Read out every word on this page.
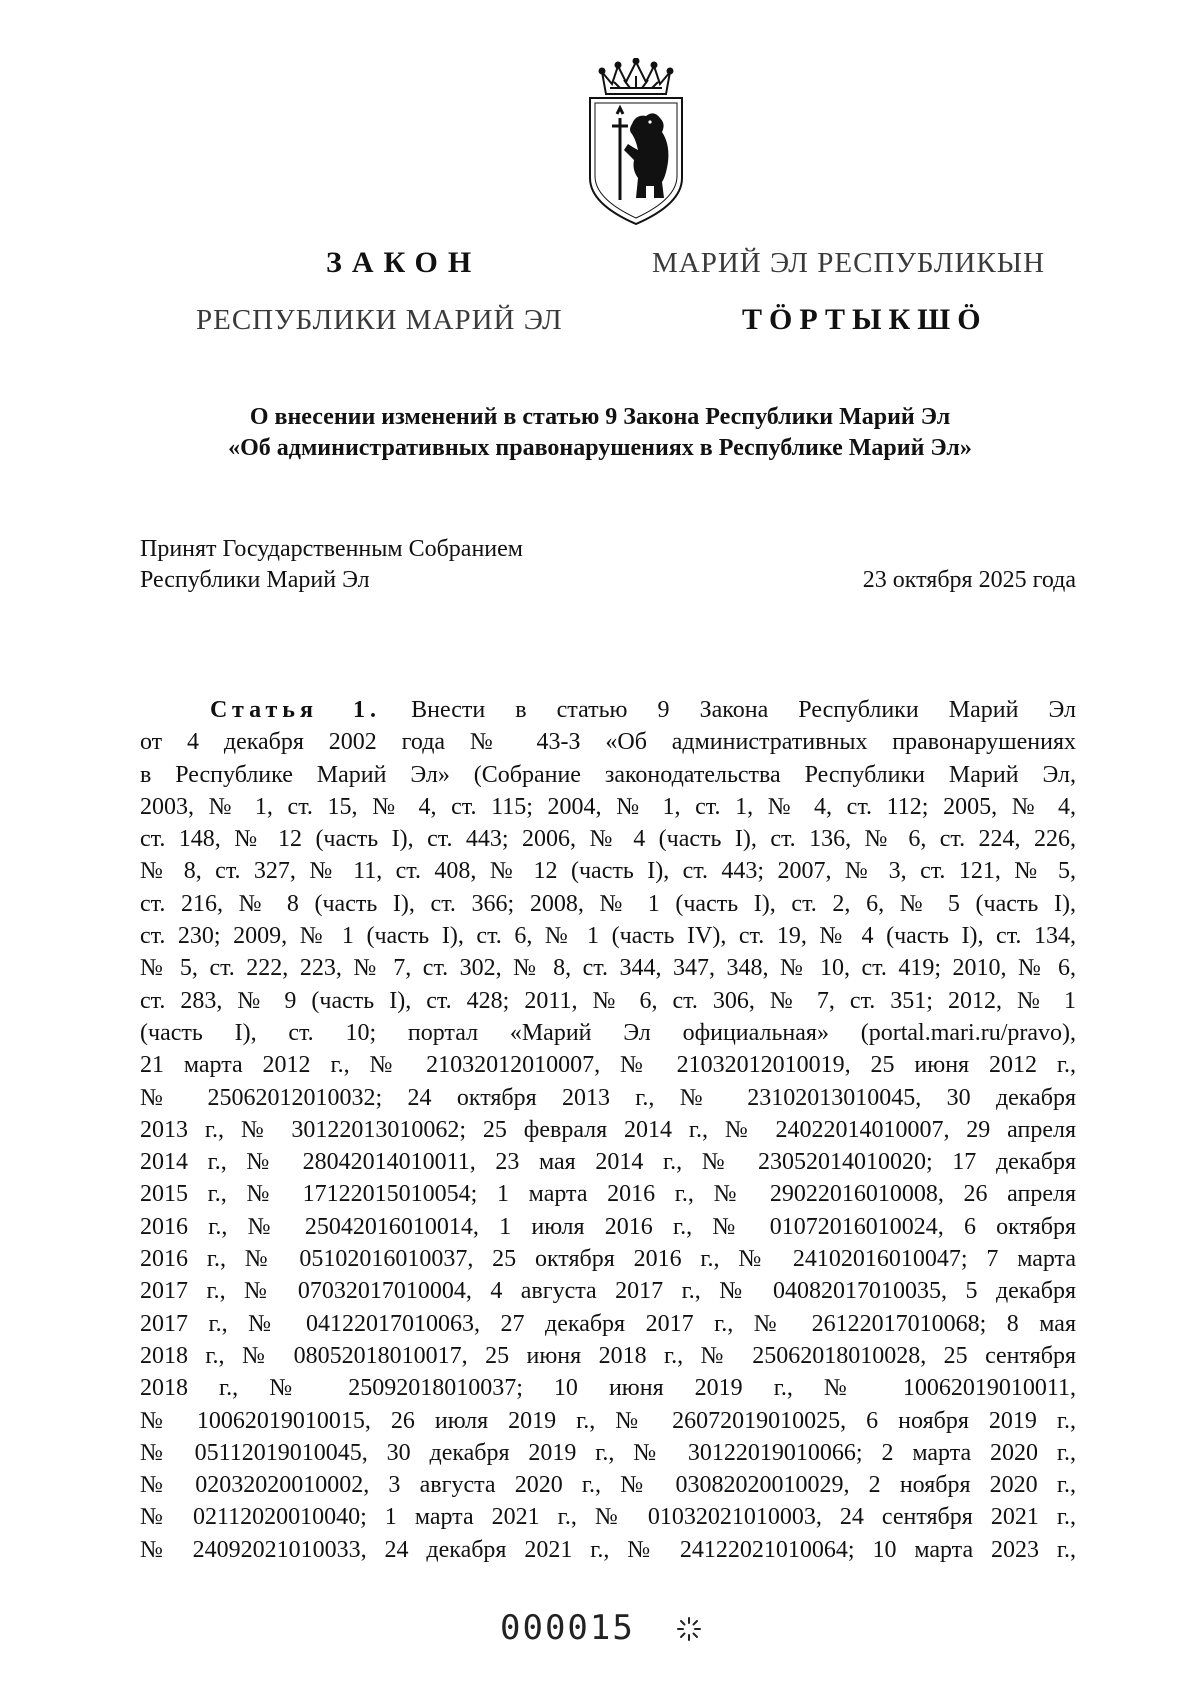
ЗАКОН
РЕСПУБЛИКИ МАРИЙ ЭЛ
МАРИЙ ЭЛ РЕСПУБЛИКЫН
ТӦРТЫКШӦ
О внесении изменений в статью 9 Закона Республики Марий Эл
«Об административных правонарушениях в Республике Марий Эл»
Принят Государственным Собранием
Республики Марий Эл	23 октября 2025 года
Статья 1. Внести в статью 9 Закона Республики Марий Эл
от 4 декабря 2002 года № 43-З «Об административных правонарушениях
в Республике Марий Эл» (Собрание законодательства Республики Марий Эл,
2003, № 1, ст. 15, № 4, ст. 115; 2004, № 1, ст. 1, № 4, ст. 112; 2005, № 4,
ст. 148, № 12 (часть I), ст. 443; 2006, № 4 (часть I), ст. 136, № 6, ст. 224, 226,
№ 8, ст. 327, № 11, ст. 408, № 12 (часть I), ст. 443; 2007, № 3, ст. 121, № 5,
ст. 216, № 8 (часть I), ст. 366; 2008, № 1 (часть I), ст. 2, 6, № 5 (часть I),
ст. 230; 2009, № 1 (часть I), ст. 6, № 1 (часть IV), ст. 19, № 4 (часть I), ст. 134,
№ 5, ст. 222, 223, № 7, ст. 302, № 8, ст. 344, 347, 348, № 10, ст. 419; 2010, № 6,
ст. 283, № 9 (часть I), ст. 428; 2011, № 6, ст. 306, № 7, ст. 351; 2012, № 1
(часть I), ст. 10; портал «Марий Эл официальная» (portal.mari.ru/pravo),
21 марта 2012 г., № 21032012010007, № 21032012010019, 25 июня 2012 г.,
№ 25062012010032; 24 октября 2013 г., № 23102013010045, 30 декабря
2013 г., № 30122013010062; 25 февраля 2014 г., № 24022014010007, 29 апреля
2014 г., № 28042014010011, 23 мая 2014 г., № 23052014010020; 17 декабря
2015 г., № 17122015010054; 1 марта 2016 г., № 29022016010008, 26 апреля
2016 г., № 25042016010014, 1 июля 2016 г., № 01072016010024, 6 октября
2016 г., № 05102016010037, 25 октября 2016 г., № 24102016010047; 7 марта
2017 г., № 07032017010004, 4 августа 2017 г., № 04082017010035, 5 декабря
2017 г., № 04122017010063, 27 декабря 2017 г., № 26122017010068; 8 мая
2018 г., № 08052018010017, 25 июня 2018 г., № 25062018010028, 25 сентября
2018 г., № 25092018010037; 10 июня 2019 г., № 10062019010011,
№ 10062019010015, 26 июля 2019 г., № 26072019010025, 6 ноября 2019 г.,
№ 05112019010045, 30 декабря 2019 г., № 30122019010066; 2 марта 2020 г.,
№ 02032020010002, 3 августа 2020 г., № 03082020010029, 2 ноября 2020 г.,
№ 02112020010040; 1 марта 2021 г., № 01032021010003, 24 сентября 2021 г.,
№ 24092021010033, 24 декабря 2021 г., № 24122021010064; 10 марта 2023 г.,
000015
